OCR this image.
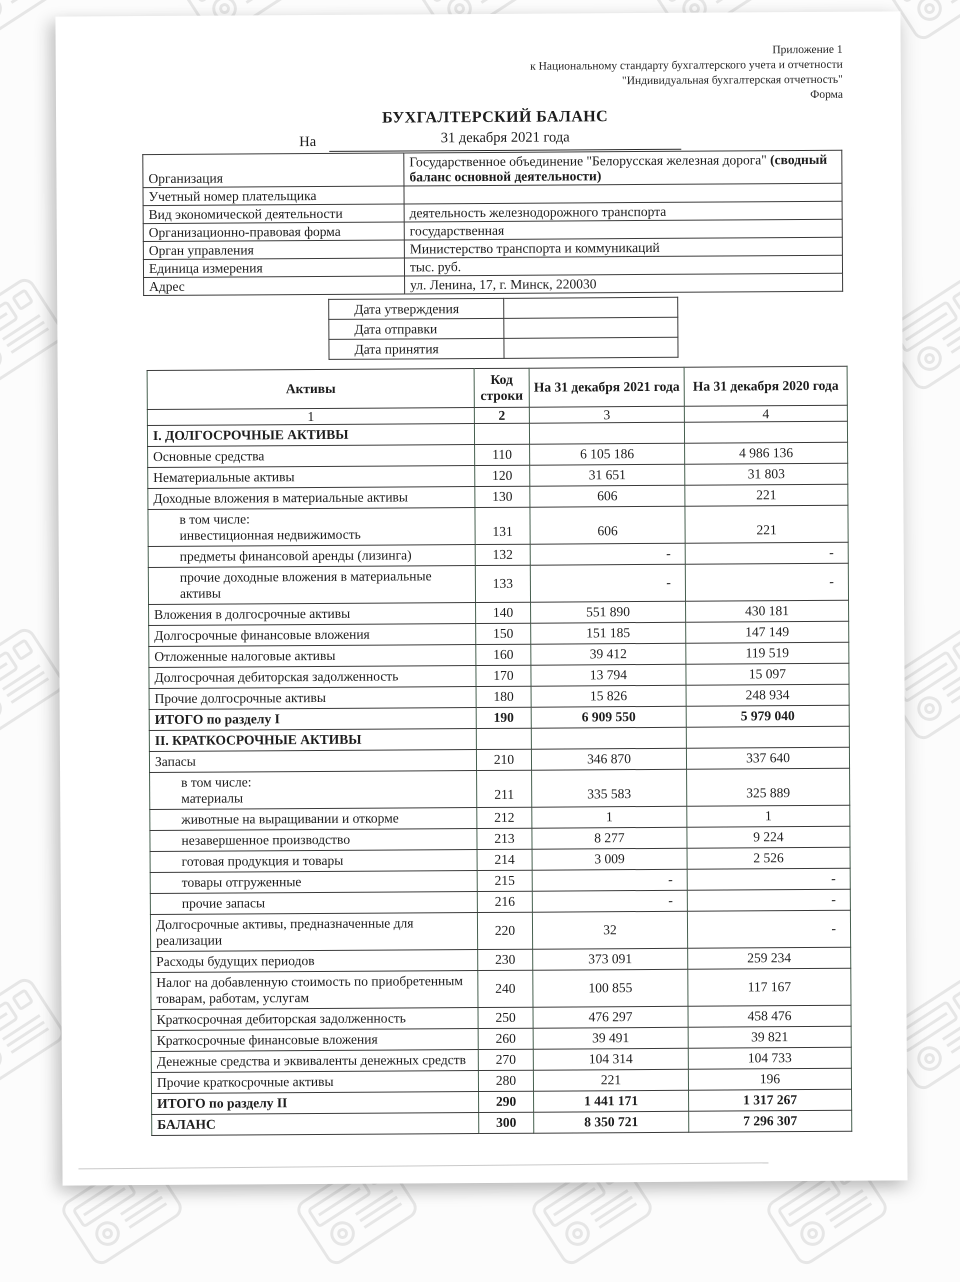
Приложение 1
к Национальному стандарту бухгалтерского учета и отчетности
"Индивидуальная бухгалтерская отчетность"
Форма
БУХГАЛТЕРСКИЙ БАЛАНС
На	31 декабря 2021 года
Организация	Государственное объединение "Белорусская железная дорога" (сводный баланс основной деятельности)
Учетный номер плательщика	
Вид экономической деятельности	деятельность железнодорожного транспорта
Организационно-правовая форма	государственная
Орган управления	Министерство транспорта и коммуникаций
Единица измерения	тыс. руб.
Адрес	ул. Ленина, 17, г. Минск, 220030
Дата утверждения	
Дата отправки	
Дата принятия	
Активы	Код строки	На 31 декабря 2021 года	На 31 декабря 2020 года
1	2	3	4
I. ДОЛГОСРОЧНЫЕ АКТИВЫ			

Основные средства	110	6 105 186	4 986 136

Нематериальные активы	120	31 651	31 803

Доходные вложения в материальные активы	130	606	221

в том числе:
инвестиционная недвижимость	131	606	221

предметы финансовой аренды (лизинга)	132	-	-

прочие доходные вложения в материальные активы	133	-	-

Вложения в долгосрочные активы	140	551 890	430 181

Долгосрочные финансовые вложения	150	151 185	147 149

Отложенные налоговые активы	160	39 412	119 519

Долгосрочная дебиторская задолженность	170	13 794	15 097

Прочие долгосрочные активы	180	15 826	248 934

ИТОГО по разделу I	190	6 909 550	5 979 040
II. КРАТКОСРОЧНЫЕ АКТИВЫ			

Запасы	210	346 870	337 640

в том числе:
материалы	211	335 583	325 889

животные на выращивании и откорме	212	1	1

незавершенное производство	213	8 277	9 224

готовая продукция и товары	214	3 009	2 526

товары отгруженные	215	-	-

прочие запасы	216	-	-

Долгосрочные активы, предназначенные для реализации	220	32	-

Расходы будущих периодов	230	373 091	259 234

Налог на добавленную стоимость по приобретенным товарам, работам, услугам	240	100 855	117 167

Краткосрочная дебиторская задолженность	250	476 297	458 476

Краткосрочные финансовые вложения	260	39 491	39 821

Денежные средства и эквиваленты денежных средств	270	104 314	104 733

Прочие краткосрочные активы	280	221	196

ИТОГО по разделу II	290	1 441 171	1 317 267

БАЛАНС	300	8 350 721	7 296 307
